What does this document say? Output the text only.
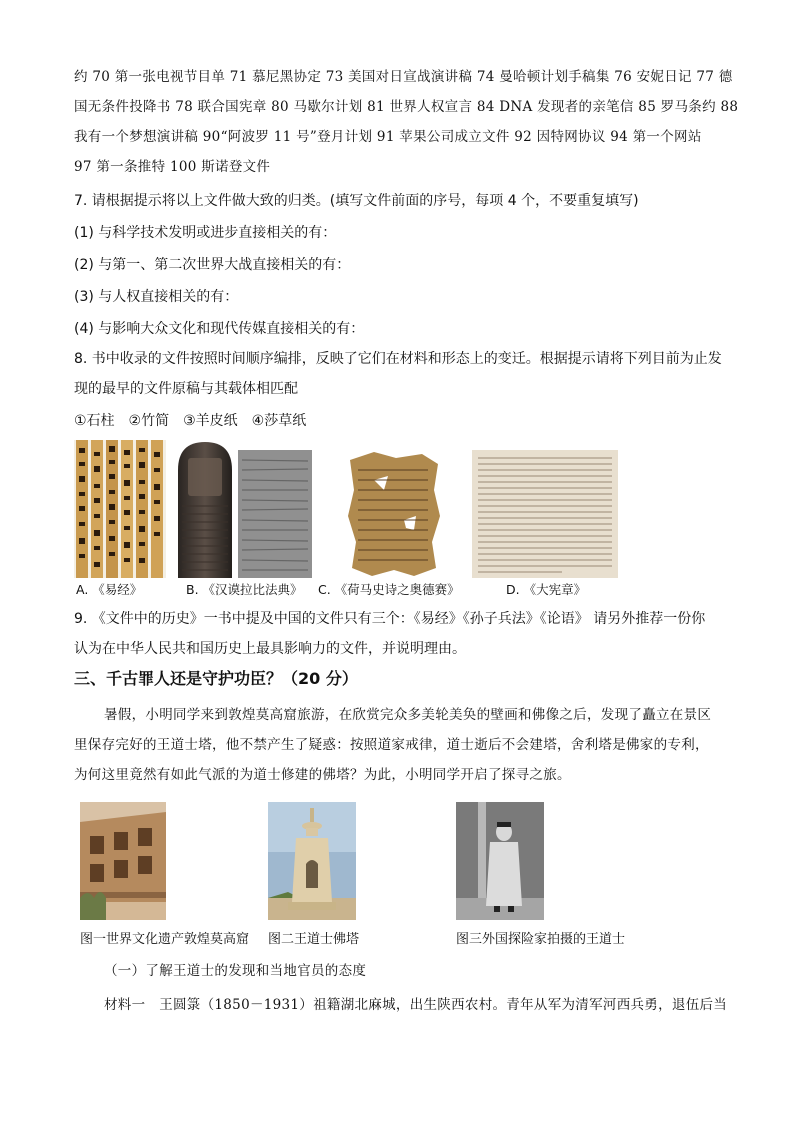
约 70 第一张电视节目单 71 慕尼黑协定 73 美国对日宣战演讲稿 74 曼哈顿计划手稿集 76 安妮日记 77 德
国无条件投降书 78 联合国宪章 80 马歇尔计划 81 世界人权宣言 84 DNA 发现者的亲笔信 85 罗马条约 88
我有一个梦想演讲稿 90“阿波罗 11 号”登月计划 91 苹果公司成立文件 92 因特网协议 94 第一个网站
97 第一条推特 100 斯诺登文件
7. 请根据提示将以上文件做大致的归类。(填写文件前面的序号，每项 4 个，不要重复填写)
(1) 与科学技术发明或进步直接相关的有：
(2) 与第一、第二次世界大战直接相关的有：
(3) 与人权直接相关的有：
(4) 与影响大众文化和现代传媒直接相关的有：
8. 书中收录的文件按照时间顺序编排，反映了它们在材料和形态上的变迁。根据提示请将下列目前为止发
现的最早的文件原稿与其载体相匹配
①石柱　②竹简　③羊皮纸　④莎草纸
A. 《易经》	B. 《汉谟拉比法典》 C. 《荷马史诗之奥德赛》	D. 《大宪章》
9. 《文件中的历史》一书中提及中国的文件只有三个：《易经》《孙子兵法》《论语》 请另外推荐一份你
认为在中华人民共和国历史上最具影响力的文件，并说明理由。
三、千古罪人还是守护功臣？（20 分）
暑假，小明同学来到敦煌莫高窟旅游，在欣赏完众多美轮美奂的壁画和佛像之后，发现了矗立在景区
里保存完好的王道士塔，他不禁产生了疑惑：按照道家戒律，道士逝后不会建塔，舍利塔是佛家的专利，
为何这里竟然有如此气派的为道士修建的佛塔？为此，小明同学开启了探寻之旅。
图一世界文化遗产敦煌莫高窟 图二王道士佛塔	图三外国探险家拍摄的王道士
（一）了解王道士的发现和当地官员的态度
材料一　王圆箓（1850－1931）祖籍湖北麻城，出生陕西农村。青年从军为清军河西兵勇，退伍后当
